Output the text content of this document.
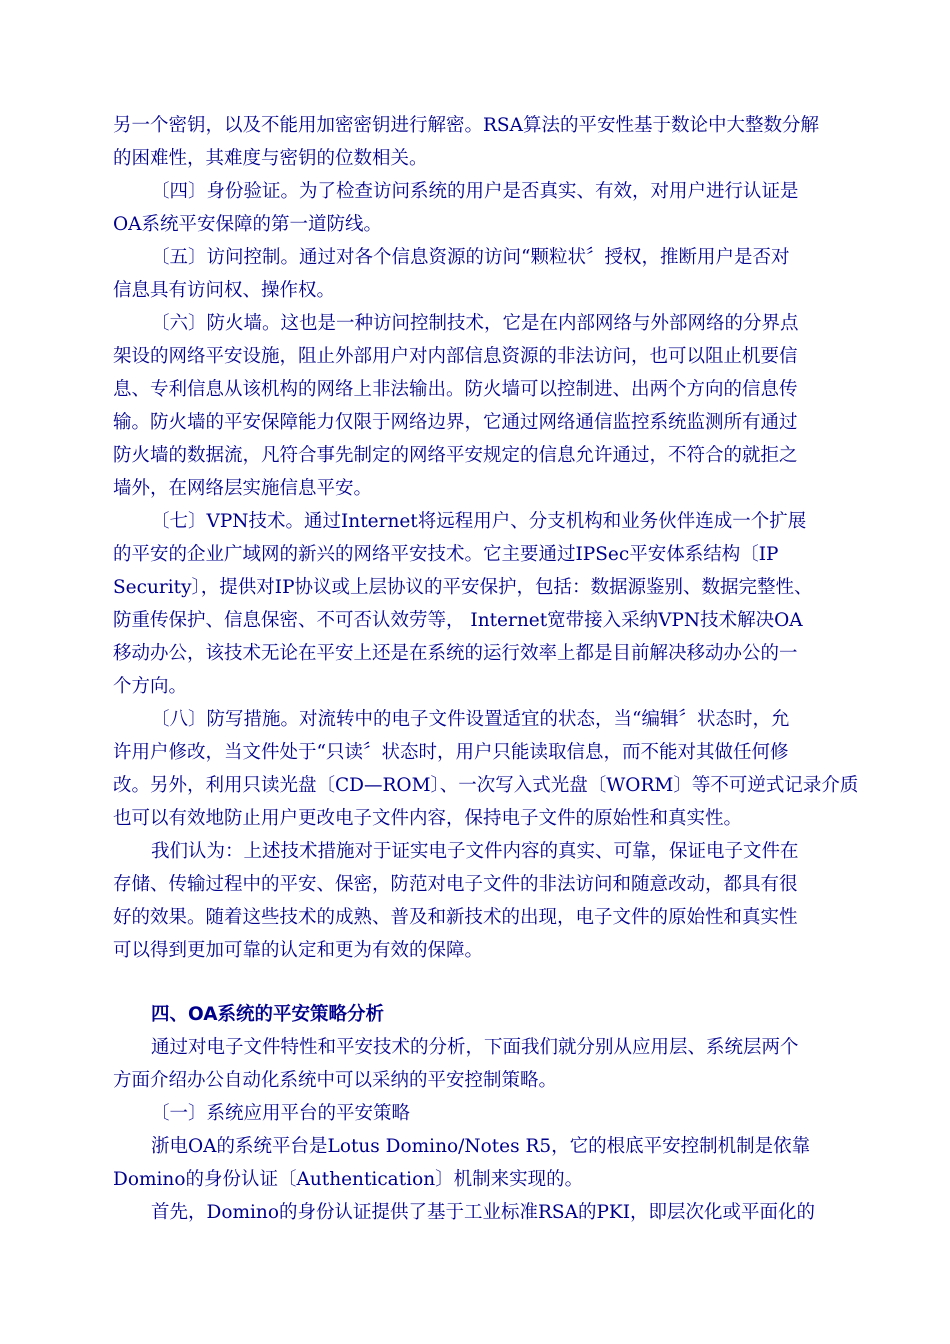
另一个密钥，以及不能用加密密钥进行解密。RSA算法的平安性基于数论中大整数分解
的困难性，其难度与密钥的位数相关。
〔四〕身份验证。为了检查访问系统的用户是否真实、有效，对用户进行认证是
OA系统平安保障的第一道防线。
〔五〕访问控制。通过对各个信息资源的访问“颗粒状〞授权，推断用户是否对
信息具有访问权、操作权。
〔六〕防火墙。这也是一种访问控制技术，它是在内部网络与外部网络的分界点
架设的网络平安设施，阻止外部用户对内部信息资源的非法访问，也可以阻止机要信
息、专利信息从该机构的网络上非法输出。防火墙可以控制进、出两个方向的信息传
输。防火墙的平安保障能力仅限于网络边界，它通过网络通信监控系统监测所有通过
防火墙的数据流，凡符合事先制定的网络平安规定的信息允许通过，不符合的就拒之
墙外，在网络层实施信息平安。
〔七〕VPN技术。通过Internet将远程用户、分支机构和业务伙伴连成一个扩展
的平安的企业广域网的新兴的网络平安技术。它主要通过IPSec平安体系结构〔IP
Security〕，提供对IP协议或上层协议的平安保护，包括：数据源鉴别、数据完整性、
防重传保护、信息保密、不可否认效劳等， Internet宽带接入采纳VPN技术解决OA
移动办公，该技术无论在平安上还是在系统的运行效率上都是目前解决移动办公的一
个方向。
〔八〕防写措施。对流转中的电子文件设置适宜的状态，当“编辑〞状态时，允
许用户修改，当文件处于“只读〞状态时，用户只能读取信息，而不能对其做任何修
改。另外，利用只读光盘〔CD—ROM〕、一次写入式光盘〔WORM〕等不可逆式记录介质
也可以有效地防止用户更改电子文件内容，保持电子文件的原始性和真实性。
我们认为：上述技术措施对于证实电子文件内容的真实、可靠，保证电子文件在
存储、传输过程中的平安、保密，防范对电子文件的非法访问和随意改动，都具有很
好的效果。随着这些技术的成熟、普及和新技术的出现，电子文件的原始性和真实性
可以得到更加可靠的认定和更为有效的保障。
四、OA系统的平安策略分析
通过对电子文件特性和平安技术的分析，下面我们就分别从应用层、系统层两个
方面介绍办公自动化系统中可以采纳的平安控制策略。
〔一〕系统应用平台的平安策略
浙电OA的系统平台是Lotus Domino/Notes R5，它的根底平安控制机制是依靠
Domino的身份认证〔Authentication〕机制来实现的。
首先，Domino的身份认证提供了基于工业标准RSA的PKI，即层次化或平面化的
